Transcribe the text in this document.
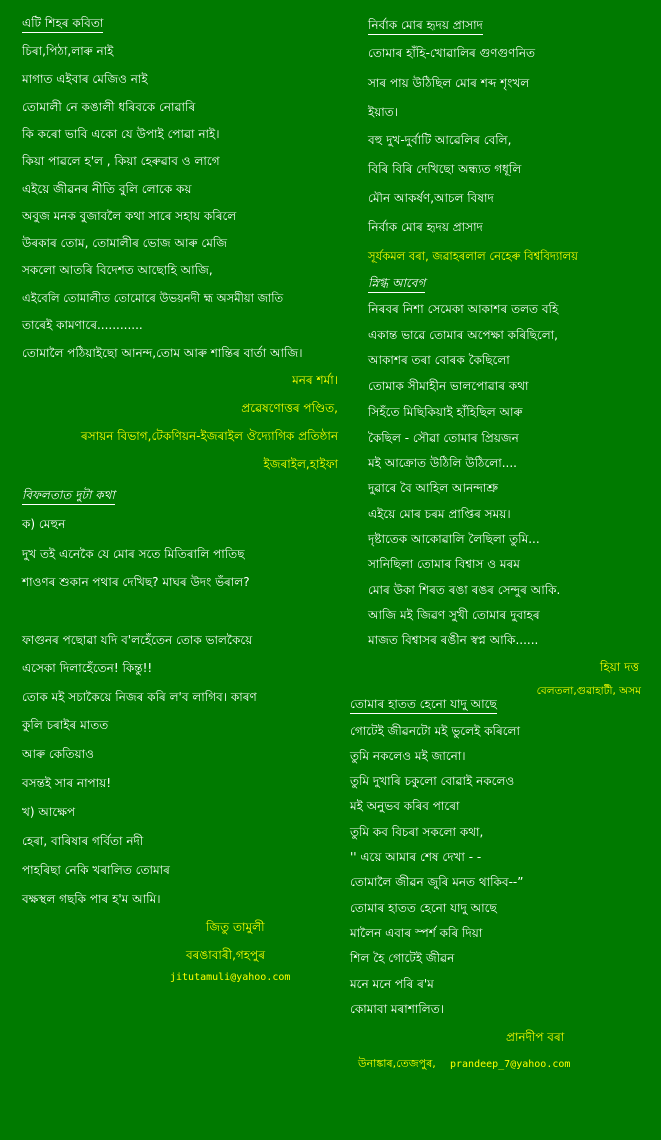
এটি শিহৰ কবিতা
চিৰা,পিঠা,লাৰু নাই
মাগাত এইবাৰ মেজিও নাই
তোমালী নে কঙালী ধৰিবকে নোৱাৰি
কি কৰো ভাবি একো যে উপাই পোৱা নাই।
কিয়া পাৱলে হ'ল , কিয়া হেৰুৱাব ও লাগে
এইয়ে জীৱনৰ নীতি বুলি লোকে কয়
অবুজ মনক বুজাবলৈ কথা সাৰে সহায় কৰিলে
উৰকাৰ তোম, তোমালীৰ ভোজ আৰু মেজি
সকলো আতৰি বিদেশত আছোহি আজি,
এইবেলি তোমালীত তোমোৰে উভয়নদী হ্ম অসমীয়া জাতি
তাৰেই কামণাৰে............
তোমালৈ পঠিয়াইছো আনন্দ,তোম আৰু শান্তিৰ বাৰ্তা আজি।
মনৰ শৰ্মা।
প্ৰৱেষণোত্তৰ পণ্ডিত,
ৰসায়ন বিভাগ,টেকণিয়ন-ইজৰাইল ঔদ্যোগিক প্ৰতিষ্ঠান
ইজৰাইল,হাইফা
বিফলতাত দুটা কথা
ক) মেহুন
দুখ তই এনেকৈ যে মোৰ সতে মিতিৰালি পাতিছ
শাওণৰ শুকান পথাৰ দেখিছ? মাঘৰ উদং ভঁৰাল?
ফাগুনৰ পছোৱা যদি ব'লহেঁতেন তোক ভালকৈয়ে
এসেকা দিলাহেঁতেন! কিন্তু!!
তোক মই সচাকৈয়ে নিজৰ কৰি ল'ব লাগিব। কাৰণ
কুলি চৰাইৰ মাতত
আৰু কেতিয়াও
বসন্তই সাৰ নাপায়!
খ) আক্ষেপ
হেৰা, বাৰিষাৰ গৰ্বিতা নদী
পাহৰিছা নেকি খৰালিত তোমাৰ
বক্ষস্থল গছকি পাৰ হ'ম আমি।
জিতু তামুলী
বৰঙাবাৰী,গহপুৰ
jitutamuli@yahoo.com
নিৰ্বাক মোৰ হৃদয় প্ৰাসাদ
তোমাৰ হাঁহি-খোৱালিৰ গুণগুণনিত
সাৰ পায় উঠিছিল মোৰ শব্দ শৃংখল
ইয়াত।
বহু দুখ-দুৰ্বাটি আৱেলিৰ বেলি,
বিৰি বিৰি দেখিছো অন্ধ্যত গধূলি
মৌন আকৰ্ষণ,আচল বিষাদ
নিৰ্বাক মোৰ হৃদয় প্ৰাসাদ
সূৰ্যকমল বৰা, জৱাহৰলাল নেহেৰু বিশ্ববিদ্যালয়
স্নিগ্ধ আবেগ
নিৰবৰ নিশা সেমেকা আকাশৰ তলত বহি
একান্ত ভাৱে তোমাৰ অপেক্ষা কৰিছিলো,
আকাশৰ তৰা বোৰক কৈছিলো
তোমাক সীমাহীন ভালপোৱাৰ কথা
সিহঁতে মিছিকিয়াই হাঁহিছিল আৰু
কৈছিল - সৌৱা তোমাৰ প্ৰিয়জন
মই আক্ৰোত উঠিলি উঠিলো....
দুৱাৰে বৈ আহিল আনন্দাশ্ৰু
এইয়ে মোৰ চৰম প্ৰাপ্তিৰ সময়।
দৃষ্টাতেক আকোৱালি লৈছিলা তুমি...
সানিছিলা তোমাৰ বিশ্বাস ও মৰম
মোৰ উকা শিৰত ৰঙা ৰঙৰ সেন্দুৰ আকি.
আজি মই জিৱণ সুখী তোমাৰ দুবাহৰ
মাজত বিশ্বাসৰ ৰঙীন স্বপ্ন আকি......
হিয়া দত্ত
বেলতলা,গুৱাহাটী, অসম
তোমাৰ হাতত হেনো যাদু আছে
গোটেই জীৱনটো মই ভুলেই কৰিলো
তুমি নকলেও মই জানো।
তুমি দুখাৰি চকুলো বোৱাই নকলেও
মই অনুভব কৰিব পাৰো
তুমি কব বিচৰা সকলো কথা,
'' এয়ে আমাৰ শেষ দেখা - -
তোমালৈ জীৱন জুৰি মনত থাকিব--”
তোমাৰ হাতত হেনো যাদু আছে
মালৈন এবাৰ স্পৰ্শ কৰি দিয়া
শিল হৈ গোটেই জীৱন
মনে মনে পৰি ৰ'ম
কোমাবা মৰাশালিত।
প্ৰানদীপ বৰা
উনাঙ্কাৰ,তেজপুৰ, prandeep_7@yahoo.com
